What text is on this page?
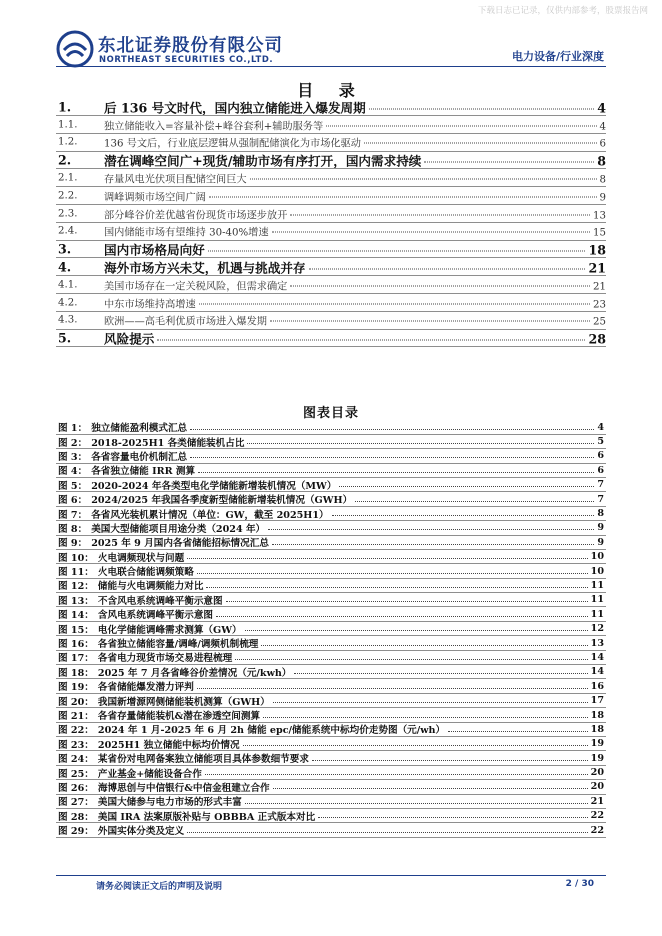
下载日志已记录，仅供内部参考，股票报告网
东北证券股份有限公司
NORTHEAST SECURITIES CO.,LTD.	电力设备/行业深度
目 录
1.	后 136 号文时代，国内独立储能进入爆发周期	4
1.1.	独立储能收入=容量补偿+峰谷套利+辅助服务等	4
1.2.	136 号文后，行业底层逻辑从强制配储演化为市场化驱动	6
2.	潜在调峰空间广+现货/辅助市场有序打开，国内需求持续	8
2.1.	存量风电光伏项目配储空间巨大	8
2.2.	调峰调频市场空间广阔	9
2.3.	部分峰谷价差优越省份现货市场逐步放开	13
2.4.	国内储能市场有望维持 30-40%增速	15
3.	国内市场格局向好	18
4.	海外市场方兴未艾，机遇与挑战并存	21
4.1.	美国市场存在一定关税风险，但需求确定	21
4.2.	中东市场维持高增速	23
4.3.	欧洲——高毛利优质市场进入爆发期	25
5.	风险提示	28
图表目录
图 1： 独立储能盈利模式汇总	4
图 2： 2018-2025H1 各类储能装机占比	5
图 3： 各省容量电价机制汇总	6
图 4： 各省独立储能 IRR 测算	6
图 5： 2020-2024 年各类型电化学储能新增装机情况（MW）	7
图 6： 2024/2025 年我国各季度新型储能新增装机情况（GWH）	7
图 7： 各省风光装机累计情况（单位：GW，截至 2025H1）	8
图 8： 美国大型储能项目用途分类（2024 年）	9
图 9： 2025 年 9 月国内各省储能招标情况汇总	9
图 10： 火电调频现状与问题	10
图 11： 火电联合储能调频策略	10
图 12： 储能与火电调频能力对比	11
图 13： 不含风电系统调峰平衡示意图	11
图 14： 含风电系统调峰平衡示意图	11
图 15： 电化学储能调峰需求测算（GW）	12
图 16： 各省独立储能容量/调峰/调频机制梳理	13
图 17： 各省电力现货市场交易进程梳理	14
图 18： 2025 年 7 月各省峰谷价差情况（元/kwh）	14
图 19： 各省储能爆发潜力评判	16
图 20： 我国新增源网侧储能装机测算（GWH）	17
图 21： 各省存量储能装机&潜在渗透空间测算	18
图 22： 2024 年 1 月-2025 年 6 月 2h 储能 epc/储能系统中标均价走势图（元/wh）	18
图 23： 2025H1 独立储能中标均价情况	19
图 24： 某省份对电网备案独立储能项目具体参数细节要求	19
图 25： 产业基金+储能设备合作	20
图 26： 海博思创与中信银行&中信金租建立合作	20
图 27： 美国大储参与电力市场的形式丰富	21
图 28： 美国 IRA 法案原版补贴与 OBBBA 正式版本对比	22
图 29： 外国实体分类及定义	22
请务必阅读正文后的声明及说明	2 / 30
